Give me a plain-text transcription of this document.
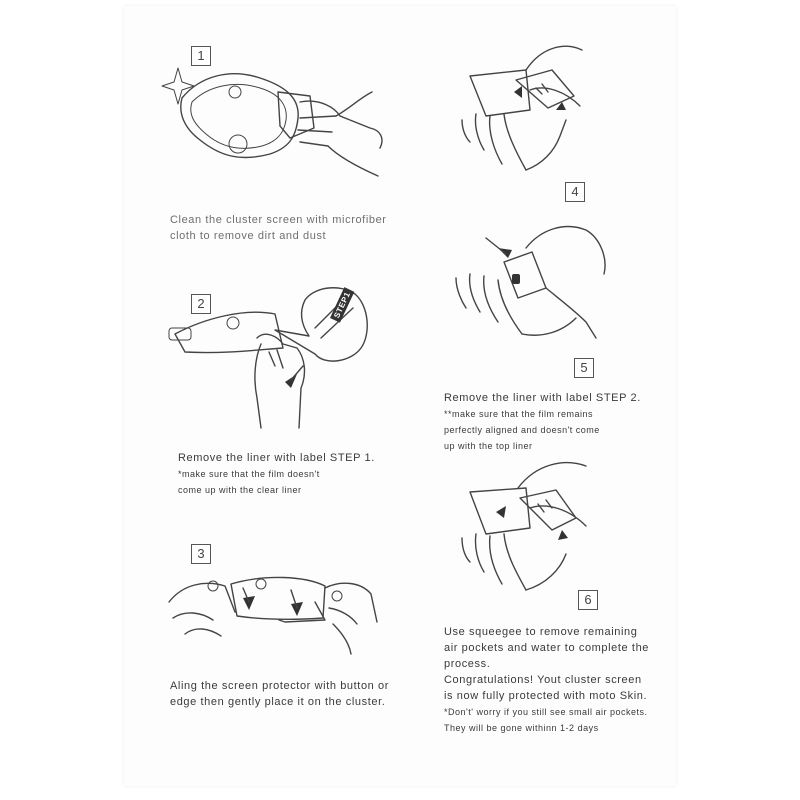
1
Clean the cluster screen with microfiber
cloth to remove dirt and dust
2	STEP1
Remove the liner with label STEP 1.
*make sure that the film doesn't
come up with the clear liner
3
Aling the screen protector with button or
edge then gently place it on the cluster.
4
5
Remove the liner with label STEP 2.
**make sure that the film remains
perfectly aligned and doesn't come
up with the top liner
6
Use squeegee to remove remaining
air pockets and water to complete the
process.
Congratulations! Yout cluster screen
is now fully protected with moto Skin.
*Don't' worry if you still see small air pockets.
They will be gone withinn 1-2 days
